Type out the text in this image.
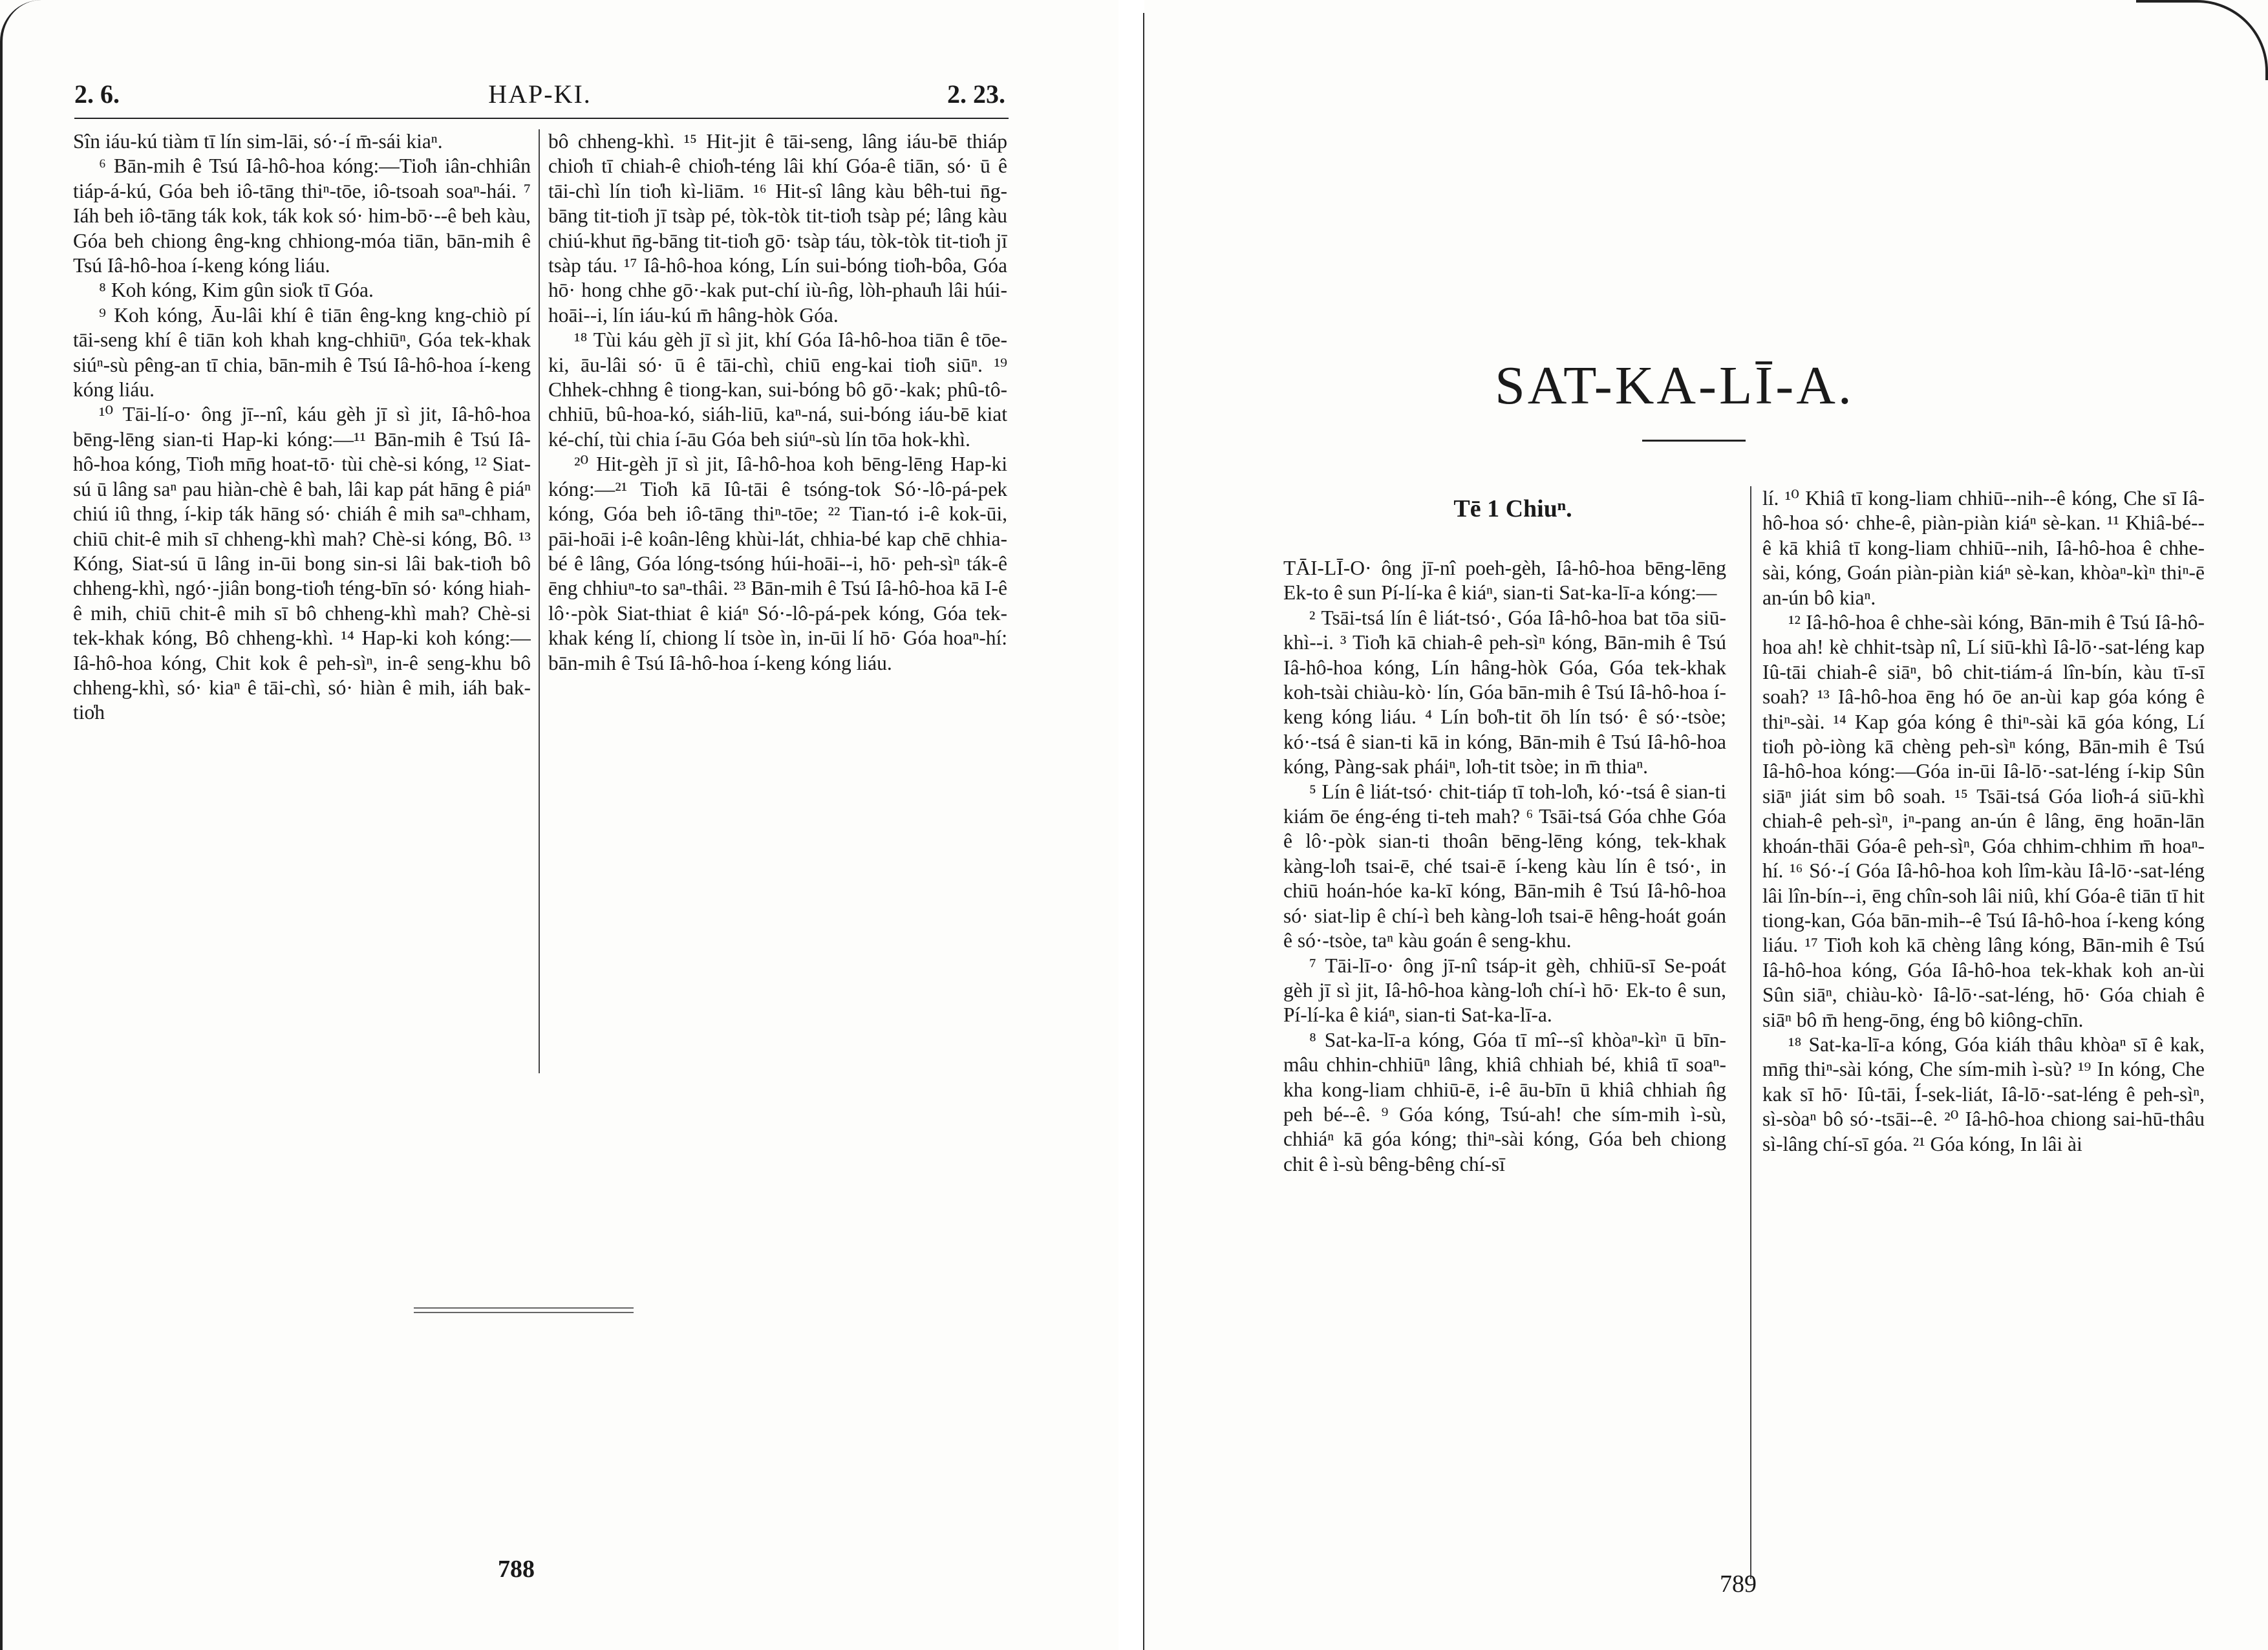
2. 6.	HAP-KI.	2. 23.

Sîn iáu-kú tiàm tī lín sim-lāi, só·-í m̄-sái kiaⁿ.

⁶ Bān-mih ê Tsú Iâ-hô-hoa kóng:—Tio̍h iân-chhiân tiáp-á-kú, Góa beh iô-tāng thiⁿ-tōe, iô-tsoah soaⁿ-hái. ⁷ Iáh beh iô-tāng ták kok, ták kok só· him-bō·--ê beh kàu, Góa beh chiong êng-kng chhiong-móa tiān, bān-mih ê Tsú Iâ-hô-hoa í-keng kóng liáu.

⁸ Koh kóng, Kim gûn sio̍k tī Góa.

⁹ Koh kóng, Āu-lâi khí ê tiān êng-kng kng-chiò pí tāi-seng khí ê tiān koh khah kng-chhiūⁿ, Góa tek-khak siúⁿ-sù pêng-an tī chia, bān-mih ê Tsú Iâ-hô-hoa í-keng kóng liáu.

¹⁰ Tāi-lí-o· ông jī--nî, káu gèh jī sì jit, Iâ-hô-hoa bēng-lēng sian-ti Hap-ki kóng:—¹¹ Bān-mih ê Tsú Iâ-hô-hoa kóng, Tio̍h mn̄g hoat-tō· tùi chè-si kóng, ¹² Siat-sú ū lâng saⁿ pau hiàn-chè ê bah, lâi kap pát hāng ê piáⁿ chiú iû thng, í-kip ták hāng só· chiáh ê mih saⁿ-chham, chiū chit-ê mih sī chheng-khì mah? Chè-si kóng, Bô. ¹³ Kóng, Siat-sú ū lâng in-ūi bong sin-si lâi bak-tio̍h bô chheng-khì, ngó·-jiân bong-tio̍h téng-bīn só· kóng hiah-ê mih, chiū chit-ê mih sī bô chheng-khì mah? Chè-si tek-khak kóng, Bô chheng-khì. ¹⁴ Hap-ki koh kóng:—Iâ-hô-hoa kóng, Chit kok ê peh-sìⁿ, in-ê seng-khu bô chheng-khì, só· kiaⁿ ê tāi-chì, só· hiàn ê mih, iáh bak-tio̍h

bô chheng-khì. ¹⁵ Hit-jit ê tāi-seng, lâng iáu-bē thiáp chio̍h tī chiah-ê chio̍h-téng lâi khí Góa-ê tiān, só· ū ê tāi-chì lín tio̍h kì-liām. ¹⁶ Hit-sî lâng kàu bêh-tui n̄g-bāng tit-tio̍h jī tsàp pé, tòk-tòk tit-tio̍h tsàp pé; lâng kàu chiú-khut n̄g-bāng tit-tio̍h gō· tsàp táu, tòk-tòk tit-tio̍h jī tsàp táu. ¹⁷ Iâ-hô-hoa kóng, Lín sui-bóng tio̍h-bôa, Góa hō· hong chhe gō·-kak put-chí iù-n̂g, lòh-phau̍h lâi húi-hoāi--i, lín iáu-kú m̄ hâng-hòk Góa.

¹⁸ Tùi káu gèh jī sì jit, khí Góa Iâ-hô-hoa tiān ê tōe-ki, āu-lâi só· ū ê tāi-chì, chiū eng-kai tio̍h siūⁿ. ¹⁹ Chhek-chhng ê tiong-kan, sui-bóng bô gō·-kak; phû-tô-chhiū, bû-hoa-kó, siáh-liū, kaⁿ-ná, sui-bóng iáu-bē kiat ké-chí, tùi chia í-āu Góa beh siúⁿ-sù lín tōa hok-khì.

²⁰ Hit-gèh jī sì jit, Iâ-hô-hoa koh bēng-lēng Hap-ki kóng:—²¹ Tio̍h kā Iû-tāi ê tsóng-tok Só·-lô-pá-pek kóng, Góa beh iô-tāng thiⁿ-tōe; ²² Tian-tó i-ê kok-ūi, pāi-hoāi i-ê koân-lêng khùi-lát, chhia-bé kap chē chhia-bé ê lâng, Góa lóng-tsóng húi-hoāi--i, hō· peh-sìⁿ ták-ê ēng chhiuⁿ-to saⁿ-thâi. ²³ Bān-mih ê Tsú Iâ-hô-hoa kā I-ê lô·-pòk Siat-thiat ê kiáⁿ Só·-lô-pá-pek kóng, Góa tek-khak kéng lí, chiong lí tsòe ìn, in-ūi lí hō· Góa hoaⁿ-hí: bān-mih ê Tsú Iâ-hô-hoa í-keng kóng liáu.

788
SAT-KA-LĪ-A.
Tē 1 Chiuⁿ.

TĀI-LĪ-O· ông jī-nî poeh-gèh, Iâ-hô-hoa bēng-lēng Ek-to ê sun Pí-lí-ka ê kiáⁿ, sian-ti Sat-ka-lī-a kóng:—

² Tsāi-tsá lín ê liát-tsó·, Góa Iâ-hô-hoa bat tōa siū-khì--i. ³ Tio̍h kā chiah-ê peh-sìⁿ kóng, Bān-mih ê Tsú Iâ-hô-hoa kóng, Lín hâng-hòk Góa, Góa tek-khak koh-tsài chiàu-kò· lín, Góa bān-mih ê Tsú Iâ-hô-hoa í-keng kóng liáu. ⁴ Lín bo̍h-tit ōh lín tsó· ê só·-tsòe; kó·-tsá ê sian-ti kā in kóng, Bān-mih ê Tsú Iâ-hô-hoa kóng, Pàng-sak pháiⁿ, lo̍h-tit tsòe; in m̄ thiaⁿ.

⁵ Lín ê liát-tsó· chit-tiáp tī toh-lo̍h, kó·-tsá ê sian-ti kiám ōe éng-éng ti-teh mah? ⁶ Tsāi-tsá Góa chhe Góa ê lô·-pòk sian-ti thoân bēng-lēng kóng, tek-khak kàng-lo̍h tsai-ē, ché tsai-ē í-keng kàu lín ê tsó·, in chiū hoán-hóe ka-kī kóng, Bān-mih ê Tsú Iâ-hô-hoa só· siat-lip ê chí-ì beh kàng-lo̍h tsai-ē hêng-hoát goán ê só·-tsòe, taⁿ kàu goán ê seng-khu.

⁷ Tāi-lī-o· ông jī-nî tsáp-it gèh, chhiū-sī Se-poát gèh jī sì jit, Iâ-hô-hoa kàng-lo̍h chí-ì hō· Ek-to ê sun, Pí-lí-ka ê kiáⁿ, sian-ti Sat-ka-lī-a.

⁸ Sat-ka-lī-a kóng, Góa tī mî--sî khòaⁿ-kìⁿ ū bīn-mâu chhin-chhiūⁿ lâng, khiâ chhiah bé, khiâ tī soaⁿ-kha kong-liam chhiū-ē, i-ê āu-bīn ū khiâ chhiah n̂g peh bé--ê. ⁹ Góa kóng, Tsú-ah! che sím-mih ì-sù, chhiáⁿ kā góa kóng; thiⁿ-sài kóng, Góa beh chiong chit ê ì-sù bêng-bêng chí-sī

lí. ¹⁰ Khiâ tī kong-liam chhiū--nih--ê kóng, Che sī Iâ-hô-hoa só· chhe-ê, piàn-piàn kiáⁿ sè-kan. ¹¹ Khiâ-bé--ê kā khiâ tī kong-liam chhiū--nih, Iâ-hô-hoa ê chhe-sài, kóng, Goán piàn-piàn kiáⁿ sè-kan, khòaⁿ-kìⁿ thiⁿ-ē an-ún bô kiaⁿ.

¹² Iâ-hô-hoa ê chhe-sài kóng, Bān-mih ê Tsú Iâ-hô-hoa ah! kè chhit-tsàp nî, Lí siū-khì Iâ-lō·-sat-léng kap Iû-tāi chiah-ê siāⁿ, bô chit-tiám-á lîn-bín, kàu tī-sī soah? ¹³ Iâ-hô-hoa ēng hó ōe an-ùi kap góa kóng ê thiⁿ-sài. ¹⁴ Kap góa kóng ê thiⁿ-sài kā góa kóng, Lí tio̍h pò-iòng kā chèng peh-sìⁿ kóng, Bān-mih ê Tsú Iâ-hô-hoa kóng:—Góa in-ūi Iâ-lō·-sat-léng í-kip Sûn siāⁿ jiát sim bô soah. ¹⁵ Tsāi-tsá Góa lio̍h-á siū-khì chiah-ê peh-sìⁿ, iⁿ-pang an-ún ê lâng, ēng hoān-lān khoán-thāi Góa-ê peh-sìⁿ, Góa chhim-chhim m̄ hoaⁿ-hí. ¹⁶ Só·-í Góa Iâ-hô-hoa koh lîm-kàu Iâ-lō·-sat-léng lâi lîn-bín--i, ēng chîn-soh lâi niû, khí Góa-ê tiān tī hit tiong-kan, Góa bān-mih--ê Tsú Iâ-hô-hoa í-keng kóng liáu. ¹⁷ Tio̍h koh kā chèng lâng kóng, Bān-mih ê Tsú Iâ-hô-hoa kóng, Góa Iâ-hô-hoa tek-khak koh an-ùi Sûn siāⁿ, chiàu-kò· Iâ-lō·-sat-léng, hō· Góa chiah ê siāⁿ bô m̄ heng-ōng, éng bô kiông-chīn.

¹⁸ Sat-ka-lī-a kóng, Góa kiáh thâu khòaⁿ sī ê kak, mn̄g thiⁿ-sài kóng, Che sím-mih ì-sù? ¹⁹ In kóng, Che kak sī hō· Iû-tāi, Í-sek-liát, Iâ-lō·-sat-léng ê peh-sìⁿ, sì-sòaⁿ bô só·-tsāi--ê. ²⁰ Iâ-hô-hoa chiong sai-hū-thâu sì-lâng chí-sī góa. ²¹ Góa kóng, In lâi ài

789
